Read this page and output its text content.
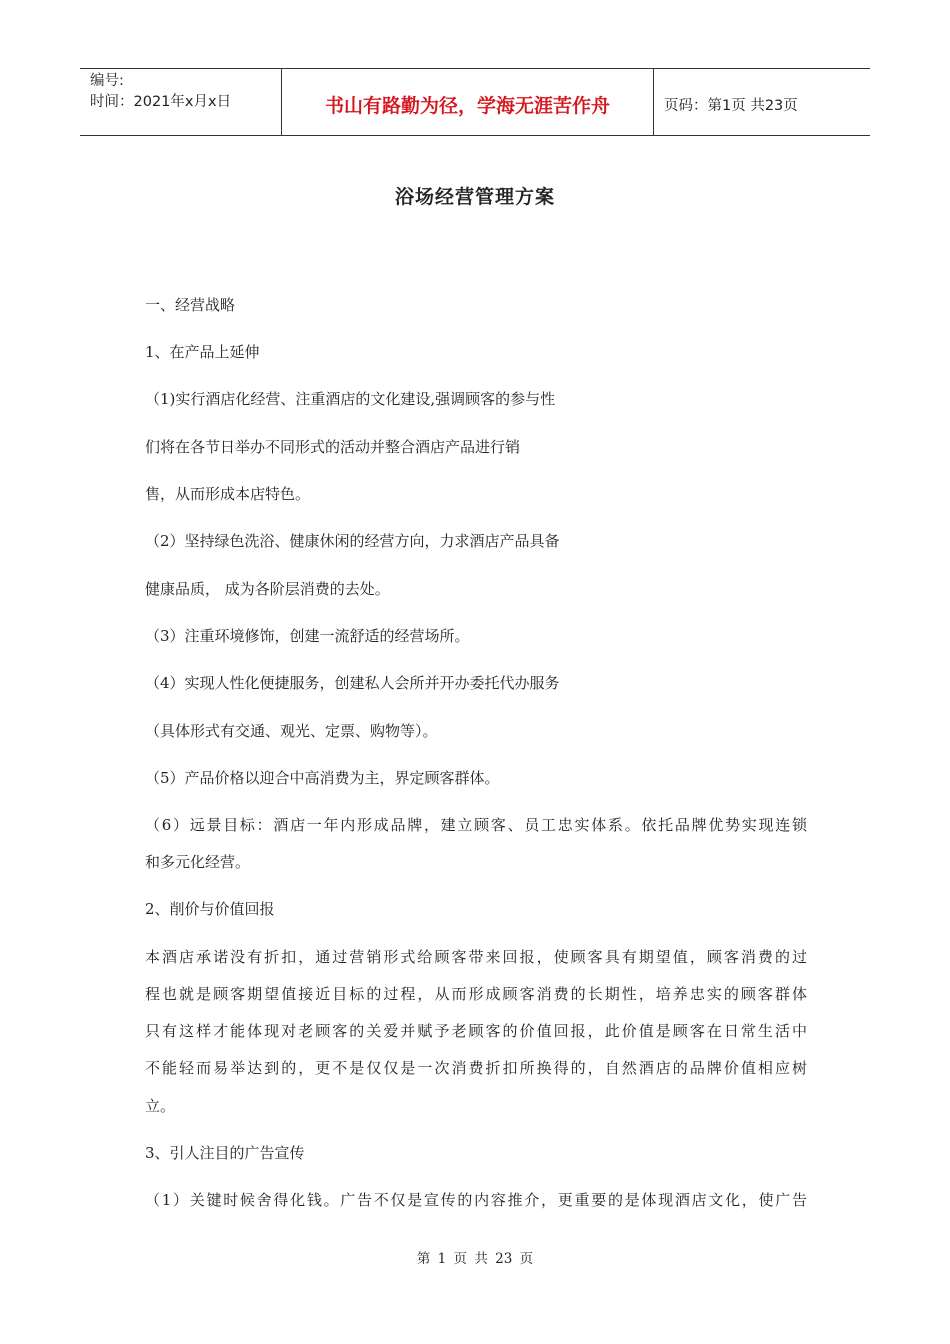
编号:
时间：2021年x月x日	书山有路勤为径，学海无涯苦作舟	页码：第1页 共23页
浴场经营管理方案
一、经营战略
1、在产品上延伸
（1)实行酒店化经营、注重酒店的文化建设,强调顾客的参与性
们将在各节日举办不同形式的活动并整合酒店产品进行销
售，从而形成本店特色。
（2）坚持绿色洗浴、健康休闲的经营方向，力求酒店产品具备
健康品质， 成为各阶层消费的去处。
（3）注重环境修饰，创建一流舒适的经营场所。
（4）实现人性化便捷服务，创建私人会所并开办委托代办服务
（具体形式有交通、观光、定票、购物等）。
（5）产品价格以迎合中高消费为主，界定顾客群体。
（6）远景目标：酒店一年内形成品牌，建立顾客、员工忠实体系。依托品牌优势实现连锁
和多元化经营。
2、削价与价值回报
本酒店承诺没有折扣，通过营销形式给顾客带来回报，使顾客具有期望值，顾客消费的过
程也就是顾客期望值接近目标的过程，从而形成顾客消费的长期性，培养忠实的顾客群体
只有这样才能体现对老顾客的关爱并赋予老顾客的价值回报，此价值是顾客在日常生活中
不能轻而易举达到的，更不是仅仅是一次消费折扣所换得的，自然酒店的品牌价值相应树
立。
3、引人注目的广告宣传
（1）关键时候舍得化钱。广告不仅是宣传的内容推介，更重要的是体现酒店文化，使广告
第 1 页 共 23 页
